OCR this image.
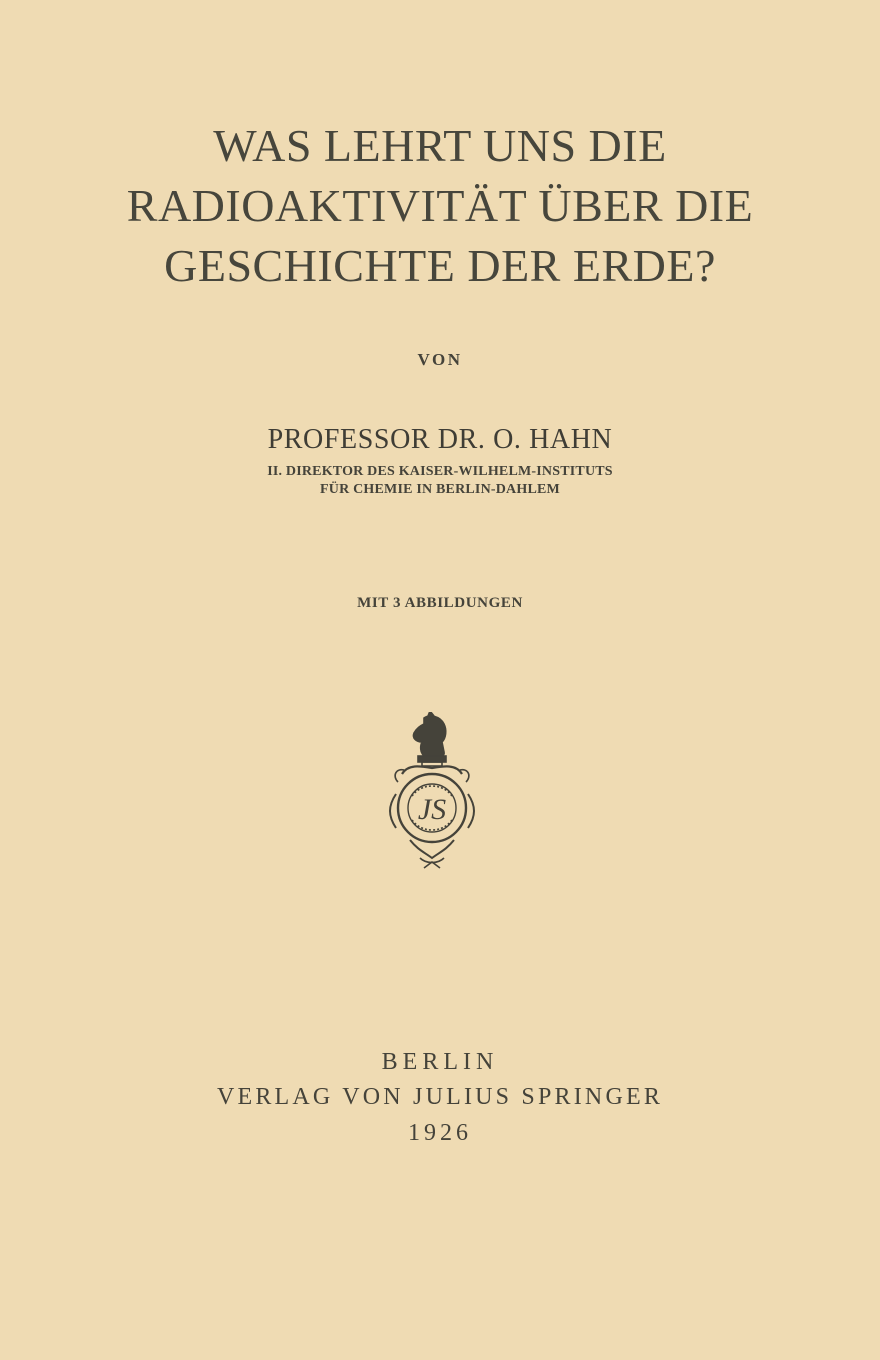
WAS LEHRT UNS DIE
RADIOAKTIVITÄT ÜBER DIE
GESCHICHTE DER ERDE?
VON
PROFESSOR DR. O. HAHN
II. DIREKTOR DES KAISER-WILHELM-INSTITUTS
FÜR CHEMIE IN BERLIN-DAHLEM
MIT 3 ABBILDUNGEN
JS
BERLIN
VERLAG VON JULIUS SPRINGER
1926
